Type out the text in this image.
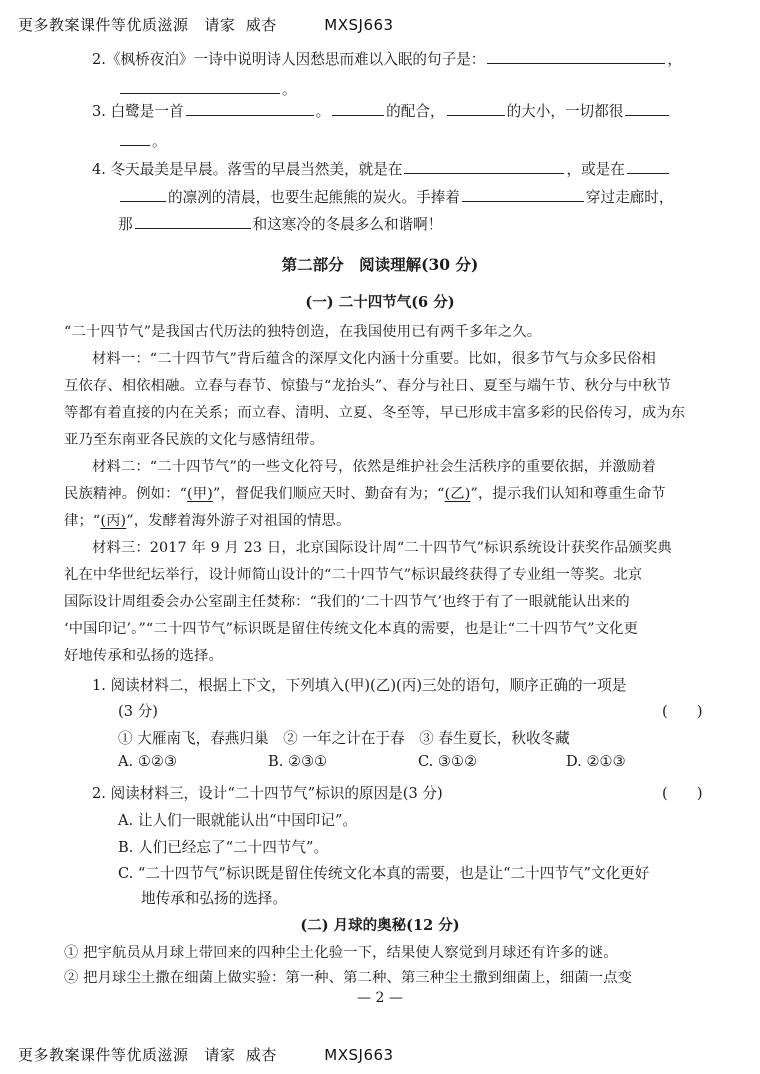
更多教案课件等优质滋源 请家  威杏	MXSJ663
2.《枫桥夜泊》一诗中说明诗人因愁思而难以入眠的句子是：	，
。
3. 白鹭是一首	。	的配合，	的大小，一切都很
。
4. 冬天最美是早晨。落雪的早晨当然美，就是在	，或是在
的凛冽的清晨，也要生起熊熊的炭火。手捧着	穿过走廊时，
那	和这寒冷的冬晨多么和谐啊！
第二部分　阅读理解(30 分)
(一) 二十四节气(6 分)
“二十四节气”是我国古代历法的独特创造，在我国使用已有两千多年之久。
材料一：“二十四节气”背后蕴含的深厚文化内涵十分重要。比如，很多节气与众多民俗相
互依存、相依相融。立春与春节、惊蛰与“龙抬头”、春分与社日、夏至与端午节、秋分与中秋节
等都有着直接的内在关系；而立春、清明、立夏、冬至等，早已形成丰富多彩的民俗传习，成为东
亚乃至东南亚各民族的文化与感情纽带。
材料二：“二十四节气”的一些文化符号，依然是维护社会生活秩序的重要依据，并激励着
民族精神。例如：“(甲)”，督促我们顺应天时、勤奋有为；“(乙)”，提示我们认知和尊重生命节
律；“(丙)”，发酵着海外游子对祖国的情思。
材料三：2017 年 9 月 23 日，北京国际设计周“二十四节气”标识系统设计获奖作品颁奖典
礼在中华世纪坛举行，设计师简山设计的“二十四节气”标识最终获得了专业组一等奖。北京
国际设计周组委会办公室副主任焚称：“我们的‘二十四节气’也终于有了一眼就能认出来的
‘中国印记’。”“二十四节气”标识既是留住传统文化本真的需要，也是让“二十四节气”文化更
好地传承和弘扬的选择。
1. 阅读材料二，根据上下文，下列填入(甲)(乙)(丙)三处的语句，顺序正确的一项是
(3 分)	(　　)
① 大雁南飞，春燕归巢　② 一年之计在于春　③ 春生夏长，秋收冬藏
A. ①②③	B. ②③①	C. ③①②	D. ②①③
2. 阅读材料三，设计“二十四节气”标识的原因是(3 分)	(　　)
A. 让人们一眼就能认出“中国印记”。
B. 人们已经忘了“二十四节气”。
C. “二十四节气”标识既是留住传统文化本真的需要，也是让“二十四节气”文化更好
地传承和弘扬的选择。
(二) 月球的奥秘(12 分)
① 把宇航员从月球上带回来的四种尘土化验一下，结果使人察觉到月球还有许多的谜。
② 把月球尘土撒在细菌上做实验：第一种、第二种、第三种尘土撒到细菌上，细菌一点变
— 2 —
更多教案课件等优质滋源 请家  威杏	MXSJ663
